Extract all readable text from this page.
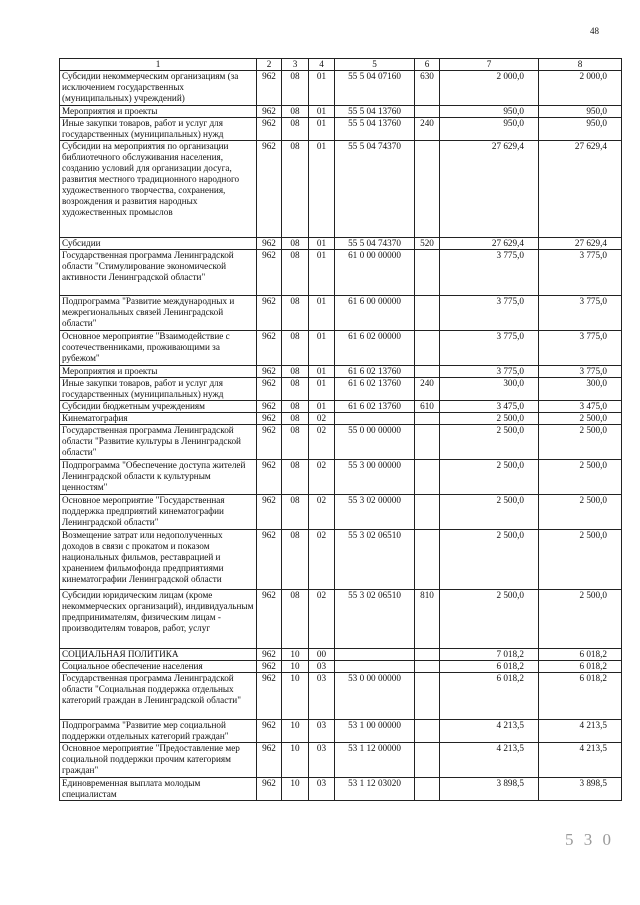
48
1	2	3	4	5	6	7	8
Субсидии некоммерческим организациям (за исключением государственных (муниципальных) учреждений)	962	08	01	55 5 04 07160	630	2 000,0	2 000,0
Мероприятия и проекты	962	08	01	55 5 04 13760		950,0	950,0
Иные закупки товаров, работ и услуг для государственных (муниципальных) нужд	962	08	01	55 5 04 13760	240	950,0	950,0
Субсидии на мероприятия по организации библиотечного обслуживания населения, созданию условий для организации досуга, развития местного традиционного народного художественного творчества, сохранения, возрождения и развития народных художественных промыслов	962	08	01	55 5 04 74370		27 629,4	27 629,4
Субсидии	962	08	01	55 5 04 74370	520	27 629,4	27 629,4
Государственная программа Ленинградской области "Стимулирование экономической активности Ленинградской области"	962	08	01	61 0 00 00000		3 775,0	3 775,0
Подпрограмма "Развитие международных и межрегиональных связей Ленинградской области"	962	08	01	61 6 00 00000		3 775,0	3 775,0
Основное мероприятие "Взаимодействие с соотечественниками, проживающими за рубежом"	962	08	01	61 6 02 00000		3 775,0	3 775,0
Мероприятия и проекты	962	08	01	61 6 02 13760		3 775,0	3 775,0
Иные закупки товаров, работ и услуг для государственных (муниципальных) нужд	962	08	01	61 6 02 13760	240	300,0	300,0
Субсидии бюджетным учреждениям	962	08	01	61 6 02 13760	610	3 475,0	3 475,0
Кинематография	962	08	02			2 500,0	2 500,0
Государственная программа Ленинградской области "Развитие культуры в Ленинградской области"	962	08	02	55 0 00 00000		2 500,0	2 500,0
Подпрограмма "Обеспечение доступа жителей Ленинградской области к культурным ценностям"	962	08	02	55 3 00 00000		2 500,0	2 500,0
Основное мероприятие "Государственная поддержка предприятий кинематографии Ленинградской области"	962	08	02	55 3 02 00000		2 500,0	2 500,0
Возмещение затрат или недополученных доходов в связи с прокатом и показом национальных фильмов, реставрацией и хранением фильмофонда предприятиями кинематографии Ленинградской области	962	08	02	55 3 02 06510		2 500,0	2 500,0
Субсидии юридическим лицам (кроме некоммерческих организаций), индивидуальным предпринимателям, физическим лицам - производителям товаров, работ, услуг	962	08	02	55 3 02 06510	810	2 500,0	2 500,0
СОЦИАЛЬНАЯ ПОЛИТИКА	962	10	00			7 018,2	6 018,2
Социальное обеспечение населения	962	10	03			6 018,2	6 018,2
Государственная программа Ленинградской области "Социальная поддержка отдельных категорий граждан в Ленинградской области"	962	10	03	53 0 00 00000		6 018,2	6 018,2
Подпрограмма "Развитие мер социальной поддержки отдельных категорий граждан"	962	10	03	53 1 00 00000		4 213,5	4 213,5
Основное мероприятие "Предоставление мер социальной поддержки прочим категориям граждан"	962	10	03	53 1 12 00000		4 213,5	4 213,5
Единовременная выплата молодым специалистам	962	10	03	53 1 12 03020		3 898,5	3 898,5
5 3 0
